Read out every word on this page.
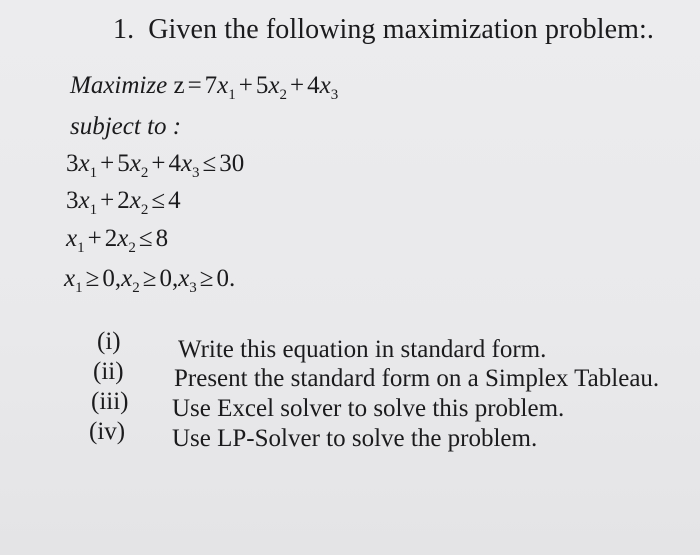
1. Given the following maximization problem:.
Maximize $z = 7x_1 + 5x_2 + 4x_3$
subject to :
$3x_1 + 5x_2 + 4x_3 \le 30$
$3x_1 + 2x_2 \le 4$
$x_1 + 2x_2 \le 8$
$x_1 \ge 0,x_2 \ge 0,x_3 \ge 0$.
(i) Write this equation in standard form.
(ii) Present the standard form on a Simplex Tableau.
(iii) Use Excel solver to solve this problem.
(iv) Use LP-Solver to solve the problem.
